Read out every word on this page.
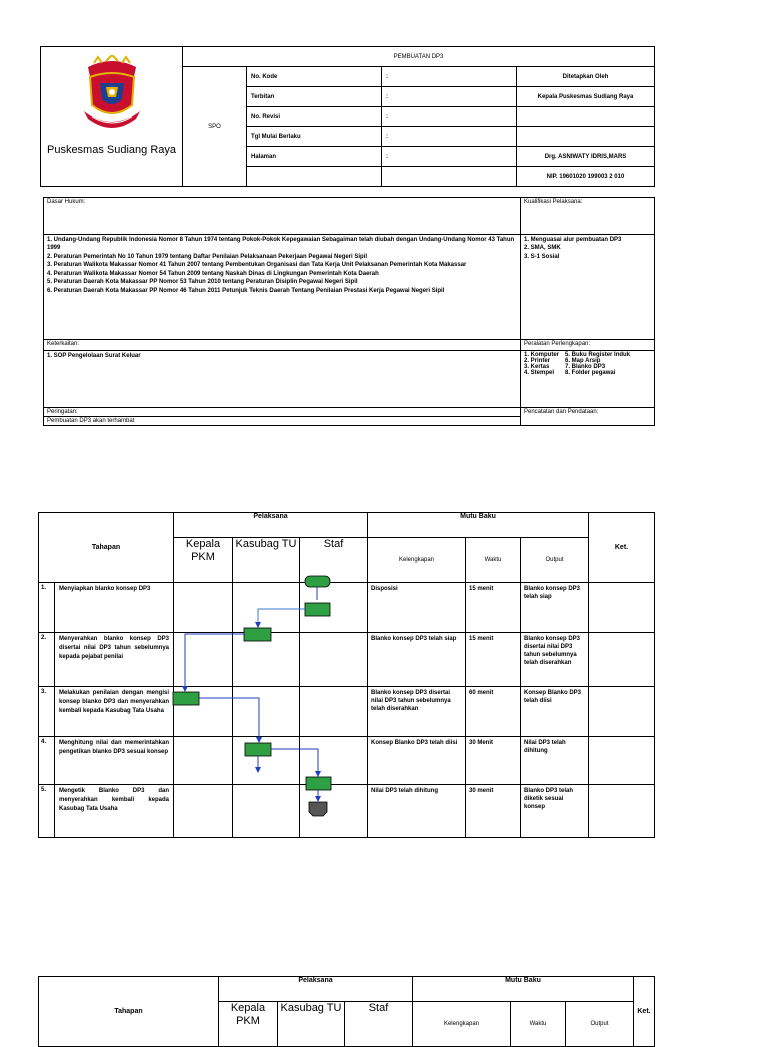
Puskesmas Sudiang Raya	PEMBUATAN DP3			
	SPO	No. Kode	:	Ditetapkan Oleh
		Terbitan	:	Kepala Puskesmas Sudiang Raya
		No. Revisi	:	
		Tgl Mulai Berlaku	:	
		Halaman	:	Drg. ASNIWATY IDRIS,MARS
				NIP. 19601020 199003 2 010
Dasar Hukum:	Kualifikasi Pelaksana:

1. Undang-Undang Republik Indonesia Nomor 8 Tahun 1974 tentang Pokok-Pokok Kepegawaian Sebagaiman telah diubah dengan Undang-Undang Nomor 43 Tahun 1999
2. Peraturan Pemerintah No 10 Tahun 1979 tentang Daftar Penilaian Pelaksanaan Pekerjaan Pegawai Negeri Sipil
3. Peraturan Walikota Makassar Nomor 41 Tahun 2007 tentang Pembentukan Organisasi dan Tata Kerja Unit Pelaksanan Pemerintah Kota Makassar
4. Peraturan Walikota Makassar Nomor 54 Tahun 2009 tentang Naskah Dinas di Lingkungan Pemerintah Kota Daerah
5. Peraturan Daerah Kota Makassar PP Nomor 53 Tahun 2010 tentang Peraturan Disiplin Pegawai Negeri Sipil
6. Peraturan Daerah Kota Makassar PP Nomor 46 Tahun 2011 Petunjuk Teknis Daerah Tentang Penilaian Prestasi Kerja Pegawai Negeri Sipil

1. Menguasai alur pembuatan DP3
2. SMA, SMK
3. S-1 Sosial

Keterkaitan:	Peralatan Perlengkapan:

1. SOP Pengelolaan Surat Keluar
		1. Komputer	5. Buku Register Induk
2. Printer	6. Map Arsip
3. Kertas	7. Blanko DP3
4. Stempel	8. Folder pegawai

Peringatan:	Pencatatan dan Pendataan:
Pembuatan DP3 akan terhambat
Tahapan		Pelaksana			Mutu Baku			Ket.
		Kepala PKM	Kasubag TU	Staf	Kelengkapan	Waktu	Output	
1.	Menyiapkan blanko konsep DP3				Disposisi	15 menit	Blanko konsep DP3 telah siap	
2.	Menyerahkan blanko konsep DP3 disertai nilai DP3 tahun sebelumnya kepada pejabat penilai				Blanko konsep DP3 telah siap	15 menit	Blanko konsep DP3 disertai nilai DP3 tahun sebelumnya telah diserahkan	
3.	Melakukan penilaian dengan mengisi konsep blanko DP3 dan menyerahkan kembali kepada Kasubag Tata Usaha				Blanko konsep DP3 disertai nilai DP3 tahun sebelumnya telah diserahkan	60 menit	Konsep Blanko DP3 telah diisi	
4.	Menghitung nilai dan memerintahkan pengetikan blanko DP3 sesuai konsep				Konsep Blanko DP3 telah diisi	30 Menit	Nilai DP3 telah dihitung	
5.	Mengetik Blanko DP3 dan menyerahkan kembali kepada Kasubag Tata Usaha				Nilai DP3 telah dihitung	30 menit	Blanko DP3 telah diketik sesuai konsep	
Tahapan	Pelaksana			Mutu Baku			Ket.
	Kepala PKM	Kasubag TU	Staf	Kelengkapan	Waktu	Output	
